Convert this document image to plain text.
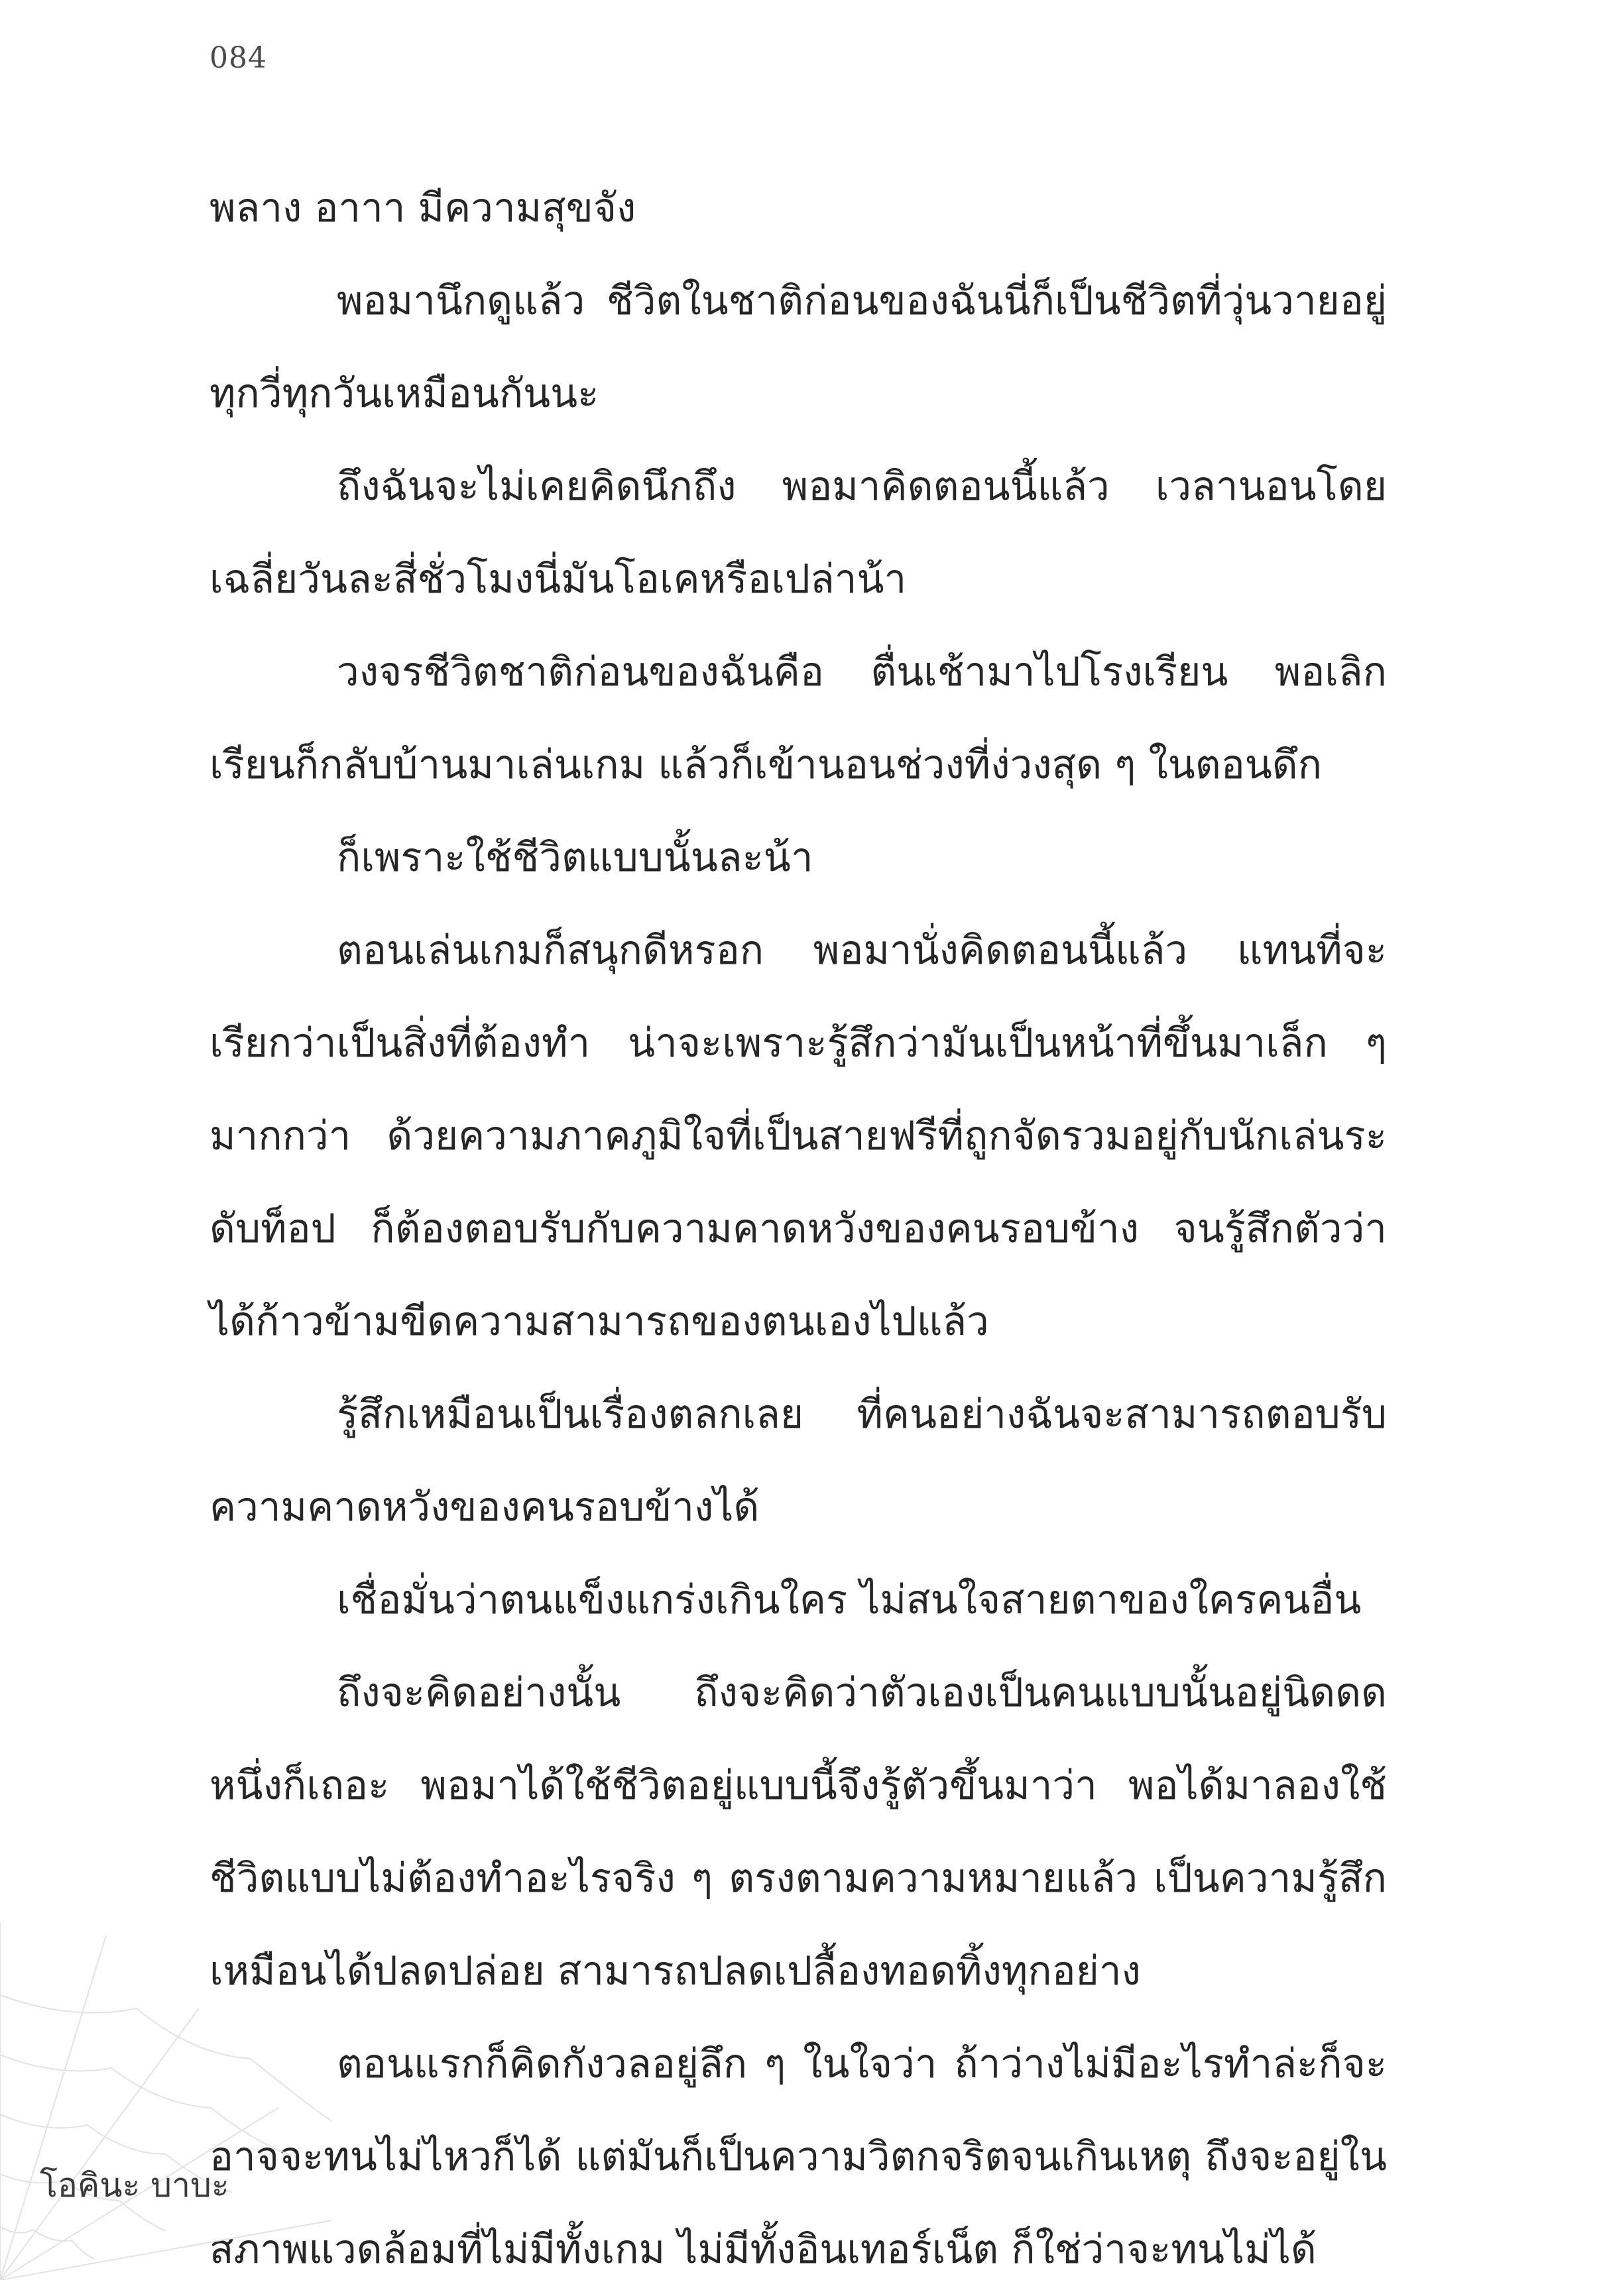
084

พลาง อาาา มีความสุขจัง

พอมานึกดูแล้ว ชีวิตในชาติก่อนของฉันนี่ก็เป็นชีวิตที่วุ่นวายอยู่ทุกวี่ทุกวันเหมือนกันนะ

ถึงฉันจะไม่เคยคิดนึกถึง พอมาคิดตอนนี้แล้ว เวลานอนโดยเฉลี่ยวันละสี่ชั่วโมงนี่มันโอเคหรือเปล่าน้า

วงจรชีวิตชาติก่อนของฉันคือ ตื่นเช้ามาไปโรงเรียน พอเลิกเรียนก็กลับบ้านมาเล่นเกม แล้วก็เข้านอนช่วงที่ง่วงสุด ๆ ในตอนดึก

ก็เพราะใช้ชีวิตแบบนั้นละน้า

ตอนเล่นเกมก็สนุกดีหรอก พอมานั่งคิดตอนนี้แล้ว แทนที่จะเรียกว่าเป็นสิ่งที่ต้องทำ น่าจะเพราะรู้สึกว่ามันเป็นหน้าที่ขึ้นมาเล็ก ๆ มากกว่า ด้วยความภาคภูมิใจที่เป็นสายฟรีที่ถูกจัดรวมอยู่กับนักเล่นระดับท็อป ก็ต้องตอบรับกับความคาดหวังของคนรอบข้าง จนรู้สึกตัวว่าได้ก้าวข้ามขีดความสามารถของตนเองไปแล้ว

รู้สึกเหมือนเป็นเรื่องตลกเลย ที่คนอย่างฉันจะสามารถตอบรับความคาดหวังของคนรอบข้างได้

เชื่อมั่นว่าตนแข็งแกร่งเกินใคร ไม่สนใจสายตาของใครคนอื่น

ถึงจะคิดอย่างนั้น ถึงจะคิดว่าตัวเองเป็นคนแบบนั้นอยู่นิดดดหนึ่งก็เถอะ พอมาได้ใช้ชีวิตอยู่แบบนี้จึงรู้ตัวขึ้นมาว่า พอได้มาลองใช้ชีวิตแบบไม่ต้องทำอะไรจริง ๆ ตรงตามความหมายแล้ว เป็นความรู้สึกเหมือนได้ปลดปล่อย สามารถปลดเปลื้องทอดทิ้งทุกอย่าง

ตอนแรกก็คิดกังวลอยู่ลึก ๆ ในใจว่า ถ้าว่างไม่มีอะไรทำล่ะก็จะอาจจะทนไม่ไหวก็ได้ แต่มันก็เป็นความวิตกจริตจนเกินเหตุ ถึงจะอยู่ในสภาพแวดล้อมที่ไม่มีทั้งเกม ไม่มีทั้งอินเทอร์เน็ต ก็ใช่ว่าจะทนไม่ได้

โอคินะ บาบะ
